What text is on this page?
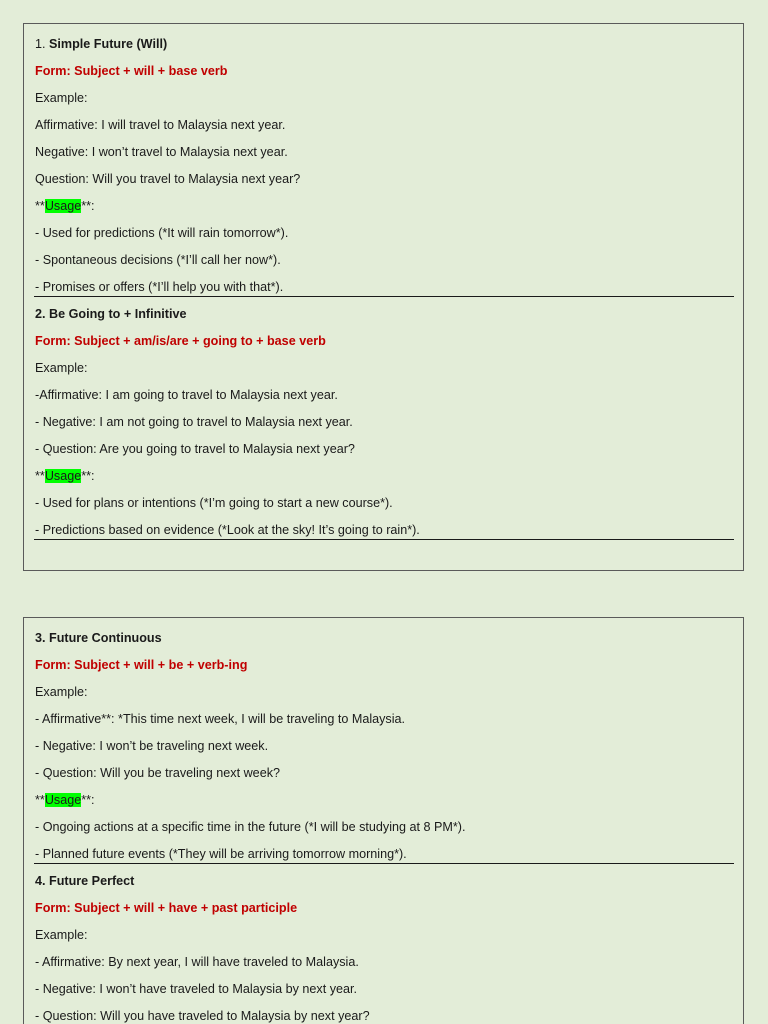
1. Simple Future (Will)
Form: Subject + will + base verb
Example:
Affirmative: I will travel to Malaysia next year.
Negative: I won’t travel to Malaysia next year.
Question: Will you travel to Malaysia next year?
**Usage**:
- Used for predictions (*It will rain tomorrow*).
- Spontaneous decisions (*I’ll call her now*).
- Promises or offers (*I’ll help you with that*).
2. Be Going to + Infinitive
Form: Subject + am/is/are + going to + base verb
Example:
-Affirmative: I am going to travel to Malaysia next year.
- Negative: I am not going to travel to Malaysia next year.
- Question: Are you going to travel to Malaysia next year?
**Usage**:
- Used for plans or intentions (*I’m going to start a new course*).
- Predictions based on evidence (*Look at the sky! It’s going to rain*).
3. Future Continuous
Form: Subject + will + be + verb-ing
Example:
- Affirmative**: *This time next week, I will be traveling to Malaysia.
- Negative: I won’t be traveling next week.
- Question: Will you be traveling next week?
**Usage**:
- Ongoing actions at a specific time in the future (*I will be studying at 8 PM*).
- Planned future events (*They will be arriving tomorrow morning*).
4. Future Perfect
Form: Subject + will + have + past participle
Example:
- Affirmative: By next year, I will have traveled to Malaysia.
- Negative: I won’t have traveled to Malaysia by next year.
- Question: Will you have traveled to Malaysia by next year?
